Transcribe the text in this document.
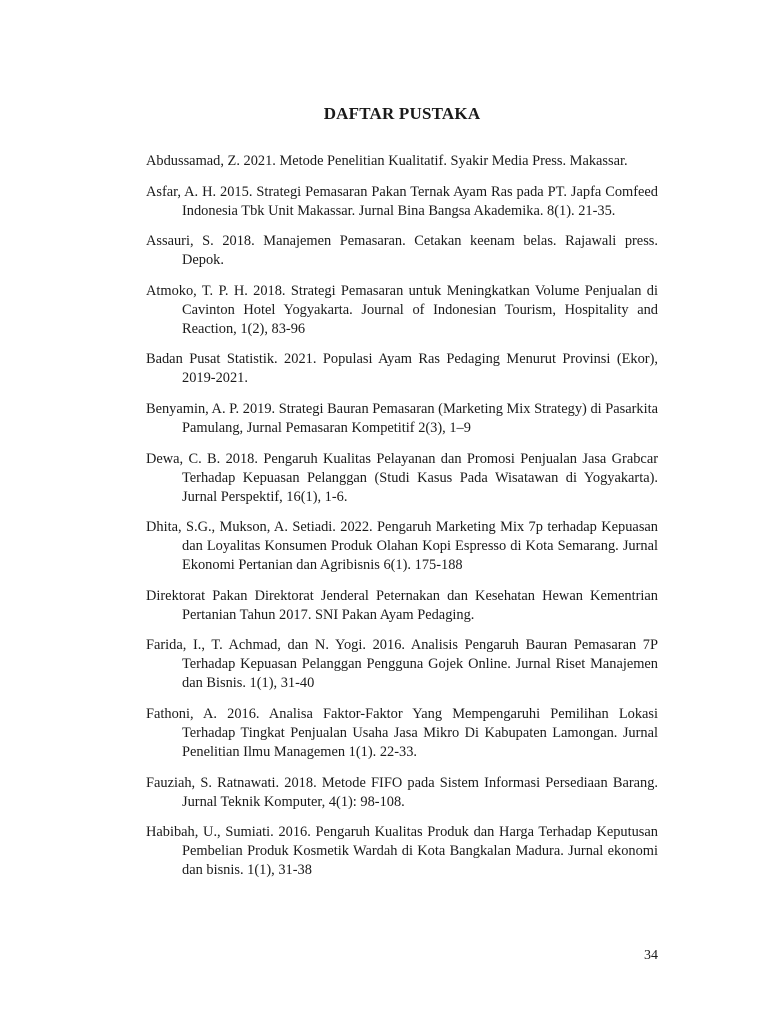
DAFTAR PUSTAKA

Abdussamad, Z. 2021. Metode Penelitian Kualitatif. Syakir Media Press. Makassar.

Asfar, A. H. 2015. Strategi Pemasaran Pakan Ternak Ayam Ras pada PT. Japfa Comfeed Indonesia Tbk Unit Makassar. Jurnal Bina Bangsa Akademika. 8(1). 21-35.

Assauri, S. 2018. Manajemen Pemasaran. Cetakan keenam belas. Rajawali press. Depok.

Atmoko, T. P. H. 2018. Strategi Pemasaran untuk Meningkatkan Volume Penjualan di Cavinton Hotel Yogyakarta. Journal of Indonesian Tourism, Hospitality and Reaction, 1(2), 83-96

Badan Pusat Statistik. 2021. Populasi Ayam Ras Pedaging Menurut Provinsi (Ekor), 2019-2021.

Benyamin, A. P. 2019. Strategi Bauran Pemasaran (Marketing Mix Strategy) di Pasarkita Pamulang, Jurnal Pemasaran Kompetitif 2(3), 1–9

Dewa, C. B. 2018. Pengaruh Kualitas Pelayanan dan Promosi Penjualan Jasa Grabcar Terhadap Kepuasan Pelanggan (Studi Kasus Pada Wisatawan di Yogyakarta). Jurnal Perspektif, 16(1), 1-6.

Dhita, S.G., Mukson, A. Setiadi. 2022. Pengaruh Marketing Mix 7p terhadap Kepuasan dan Loyalitas Konsumen Produk Olahan Kopi Espresso di Kota Semarang. Jurnal Ekonomi Pertanian dan Agribisnis 6(1). 175-188

Direktorat Pakan Direktorat Jenderal Peternakan dan Kesehatan Hewan Kementrian Pertanian Tahun 2017. SNI Pakan Ayam Pedaging.

Farida, I., T. Achmad, dan N. Yogi. 2016. Analisis Pengaruh Bauran Pemasaran 7P Terhadap Kepuasan Pelanggan Pengguna Gojek Online. Jurnal Riset Manajemen dan Bisnis. 1(1), 31-40

Fathoni, A. 2016. Analisa Faktor-Faktor Yang Mempengaruhi Pemilihan Lokasi Terhadap Tingkat Penjualan Usaha Jasa Mikro Di Kabupaten Lamongan. Jurnal Penelitian Ilmu Managemen 1(1). 22-33.

Fauziah, S. Ratnawati. 2018. Metode FIFO pada Sistem Informasi Persediaan Barang. Jurnal Teknik Komputer, 4(1): 98-108.

Habibah, U., Sumiati. 2016. Pengaruh Kualitas Produk dan Harga Terhadap Keputusan Pembelian Produk Kosmetik Wardah di Kota Bangkalan Madura. Jurnal ekonomi dan bisnis. 1(1), 31-38

34
